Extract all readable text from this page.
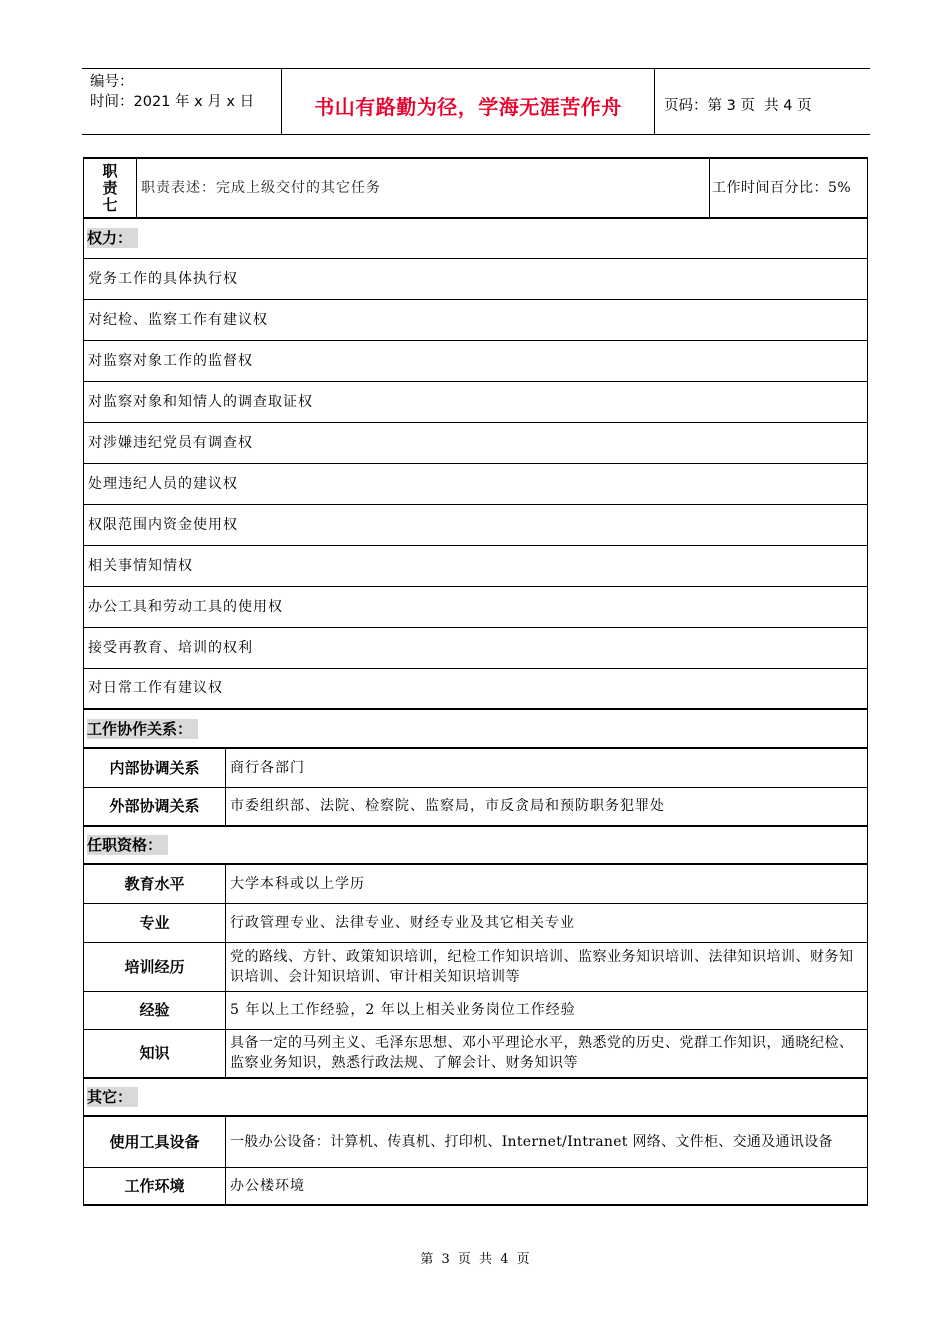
编号：
时间：2021 年 x 月 x 日	书山有路勤为径，学海无涯苦作舟	页码：第 3 页  共 4 页
职
责
七	职责表述：完成上级交付的其它任务		工作时间百分比：5%
权力：			
党务工作的具体执行权			
对纪检、监察工作有建议权			
对监察对象工作的监督权			
对监察对象和知情人的调查取证权			
对涉嫌违纪党员有调查权			
处理违纪人员的建议权			
权限范围内资金使用权			
相关事情知情权			
办公工具和劳动工具的使用权			
接受再教育、培训的权利			
对日常工作有建议权			
工作协作关系：			
内部协调关系		商行各部门	
外部协调关系		市委组织部、法院、检察院、监察局，市反贪局和预防职务犯罪处	
任职资格：			
教育水平		大学本科或以上学历	
专业		行政管理专业、法律专业、财经专业及其它相关专业	
培训经历		党的路线、方针、政策知识培训，纪检工作知识培训、监察业务知识培训、法律知识培训、财务知识培训、会计知识培训、审计相关知识培训等	
经验		5 年以上工作经验，2 年以上相关业务岗位工作经验	
知识		具备一定的马列主义、毛泽东思想、邓小平理论水平，熟悉党的历史、党群工作知识，通晓纪检、监察业务知识，熟悉行政法规、了解会计、财务知识等	
其它：			
使用工具设备		一般办公设备：计算机、传真机、打印机、Internet/Intranet 网络、文件柜、交通及通讯设备	
工作环境		办公楼环境	
第 3 页 共 4 页
